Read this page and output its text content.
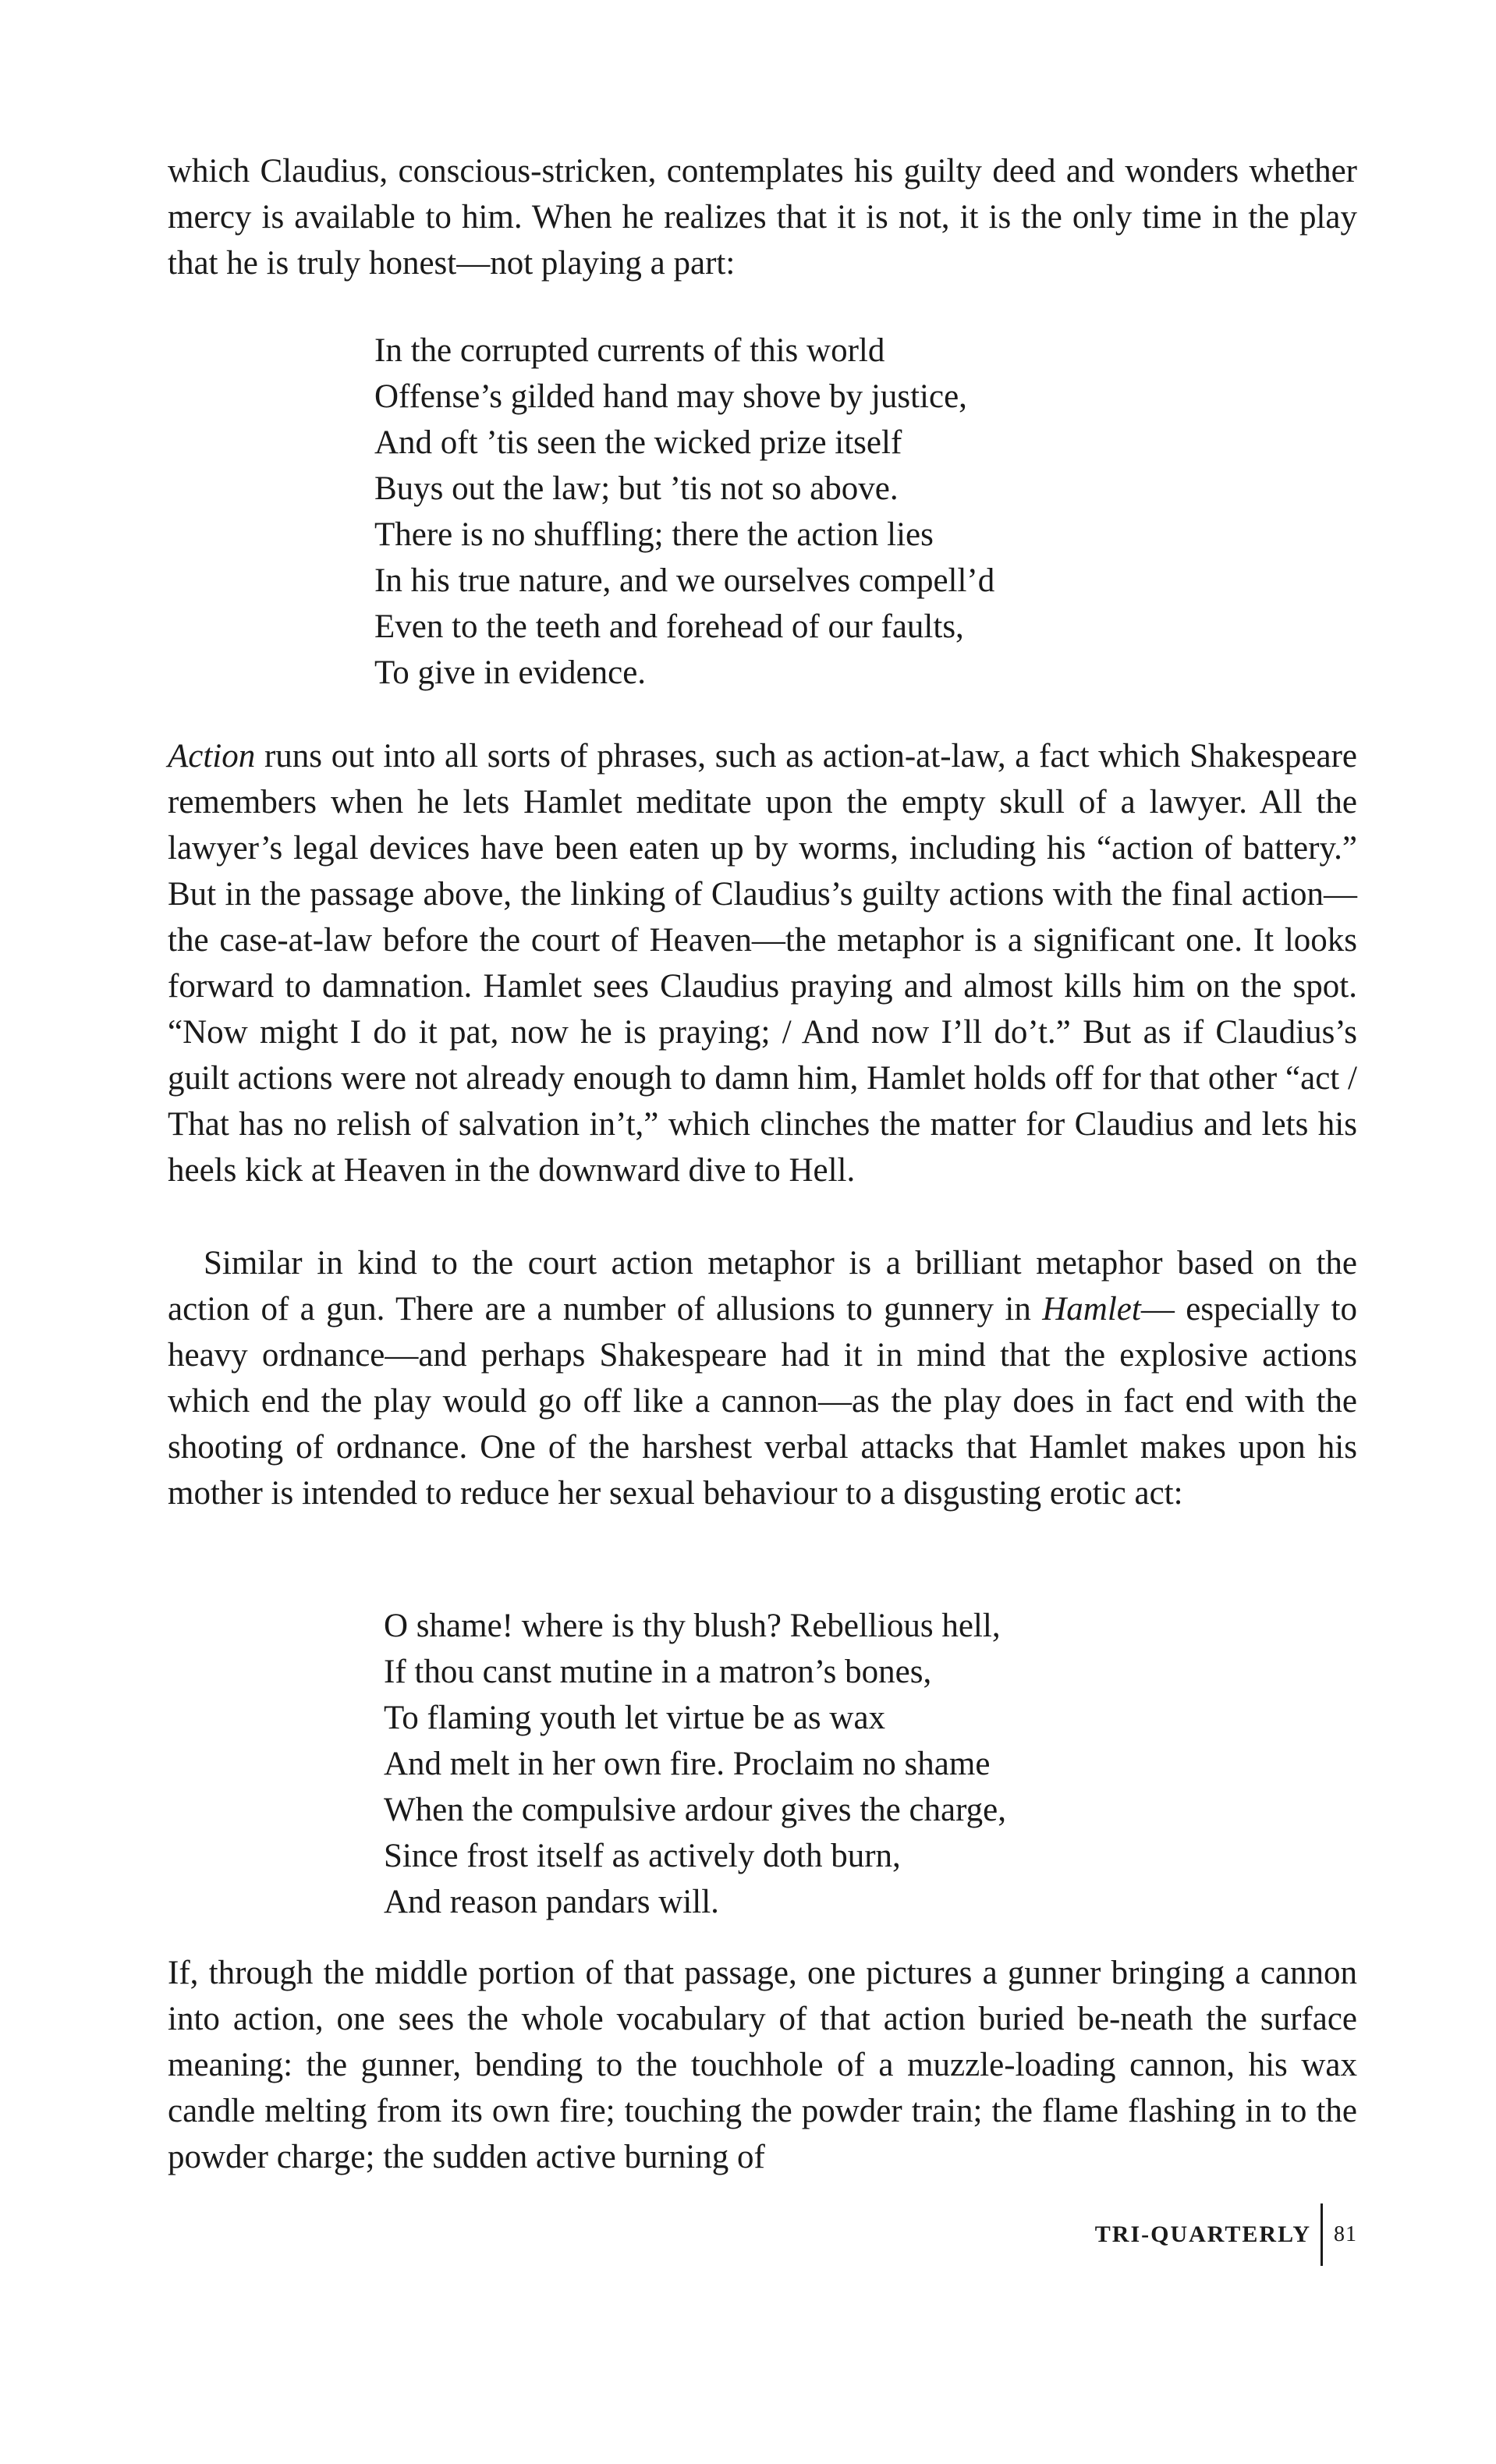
which Claudius, conscious-stricken, contemplates his guilty deed and wonders whether mercy is available to him. When he realizes that it is not, it is the only time in the play that he is truly honest—not playing a part:

In the corrupted currents of this world
Offense’s gilded hand may shove by justice,
And oft ’tis seen the wicked prize itself
Buys out the law; but ’tis not so above.
There is no shuffling; there the action lies
In his true nature, and we ourselves compell’d
Even to the teeth and forehead of our faults,
To give in evidence.

Action runs out into all sorts of phrases, such as action-at-law, a fact which Shakespeare remembers when he lets Hamlet meditate upon the empty skull of a lawyer. All the lawyer’s legal devices have been eaten up by worms, including his “action of battery.” But in the passage above, the linking of Claudius’s guilty actions with the final action—the case-at-law before the court of Heaven—the metaphor is a significant one. It looks forward to damnation. Hamlet sees Claudius praying and almost kills him on the spot. “Now might I do it pat, now he is praying; / And now I’ll do’t.” But as if Claudius’s guilt actions were not already enough to damn him, Hamlet holds off for that other “act / That has no relish of salvation in’t,” which clinches the matter for Claudius and lets his heels kick at Heaven in the downward dive to Hell.

Similar in kind to the court action metaphor is a brilliant metaphor based on the action of a gun. There are a number of allusions to gunnery in Hamlet— especially to heavy ordnance—and perhaps Shakespeare had it in mind that the explosive actions which end the play would go off like a cannon—as the play does in fact end with the shooting of ordnance. One of the harshest verbal attacks that Hamlet makes upon his mother is intended to reduce her sexual behaviour to a disgusting erotic act:

O shame! where is thy blush? Rebellious hell,
If thou canst mutine in a matron’s bones,
To flaming youth let virtue be as wax
And melt in her own fire. Proclaim no shame
When the compulsive ardour gives the charge,
Since frost itself as actively doth burn,
And reason pandars will.

If, through the middle portion of that passage, one pictures a gunner bringing a cannon into action, one sees the whole vocabulary of that action buried be-neath the surface meaning: the gunner, bending to the touchhole of a muzzle-loading cannon, his wax candle melting from its own fire; touching the powder train; the flame flashing in to the powder charge; the sudden active burning of

TRI-QUARTERLY 81
